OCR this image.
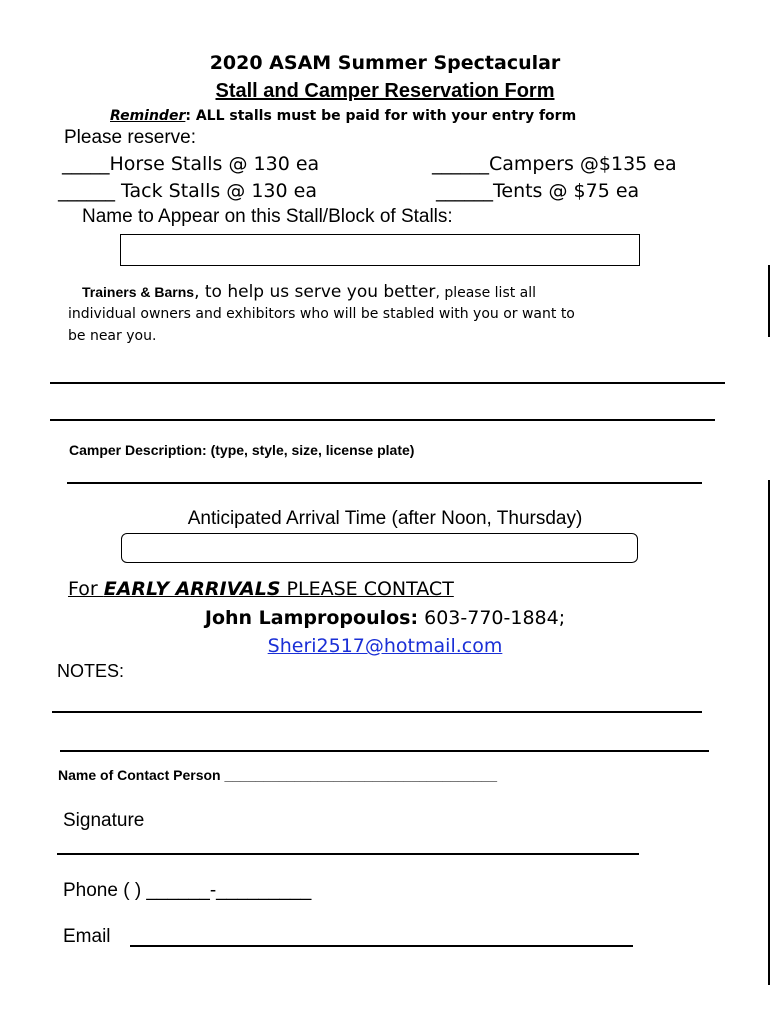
2020 ASAM Summer Spectacular
Stall and Camper Reservation Form
Reminder: ALL stalls must be paid for with your entry form
Please reserve:
_____Horse Stalls @ 130 ea	______Campers @$135 ea
______ Tack Stalls @ 130 ea	______Tents @ $75 ea
Name to Appear on this Stall/Block of Stalls:
Trainers & Barns, to help us serve you better, please list all
individual owners and exhibitors who will be stabled with you or want to
be near you.
Camper Description: (type, style, size, license plate)
Anticipated Arrival Time (after Noon, Thursday)
For EARLY ARRIVALS PLEASE CONTACT
John Lampropoulos: 603-770-1884;
Sheri2517@hotmail.com
NOTES:
Name of Contact Person ___________________________________
Signature
Phone ( ) ______-_________
Email
